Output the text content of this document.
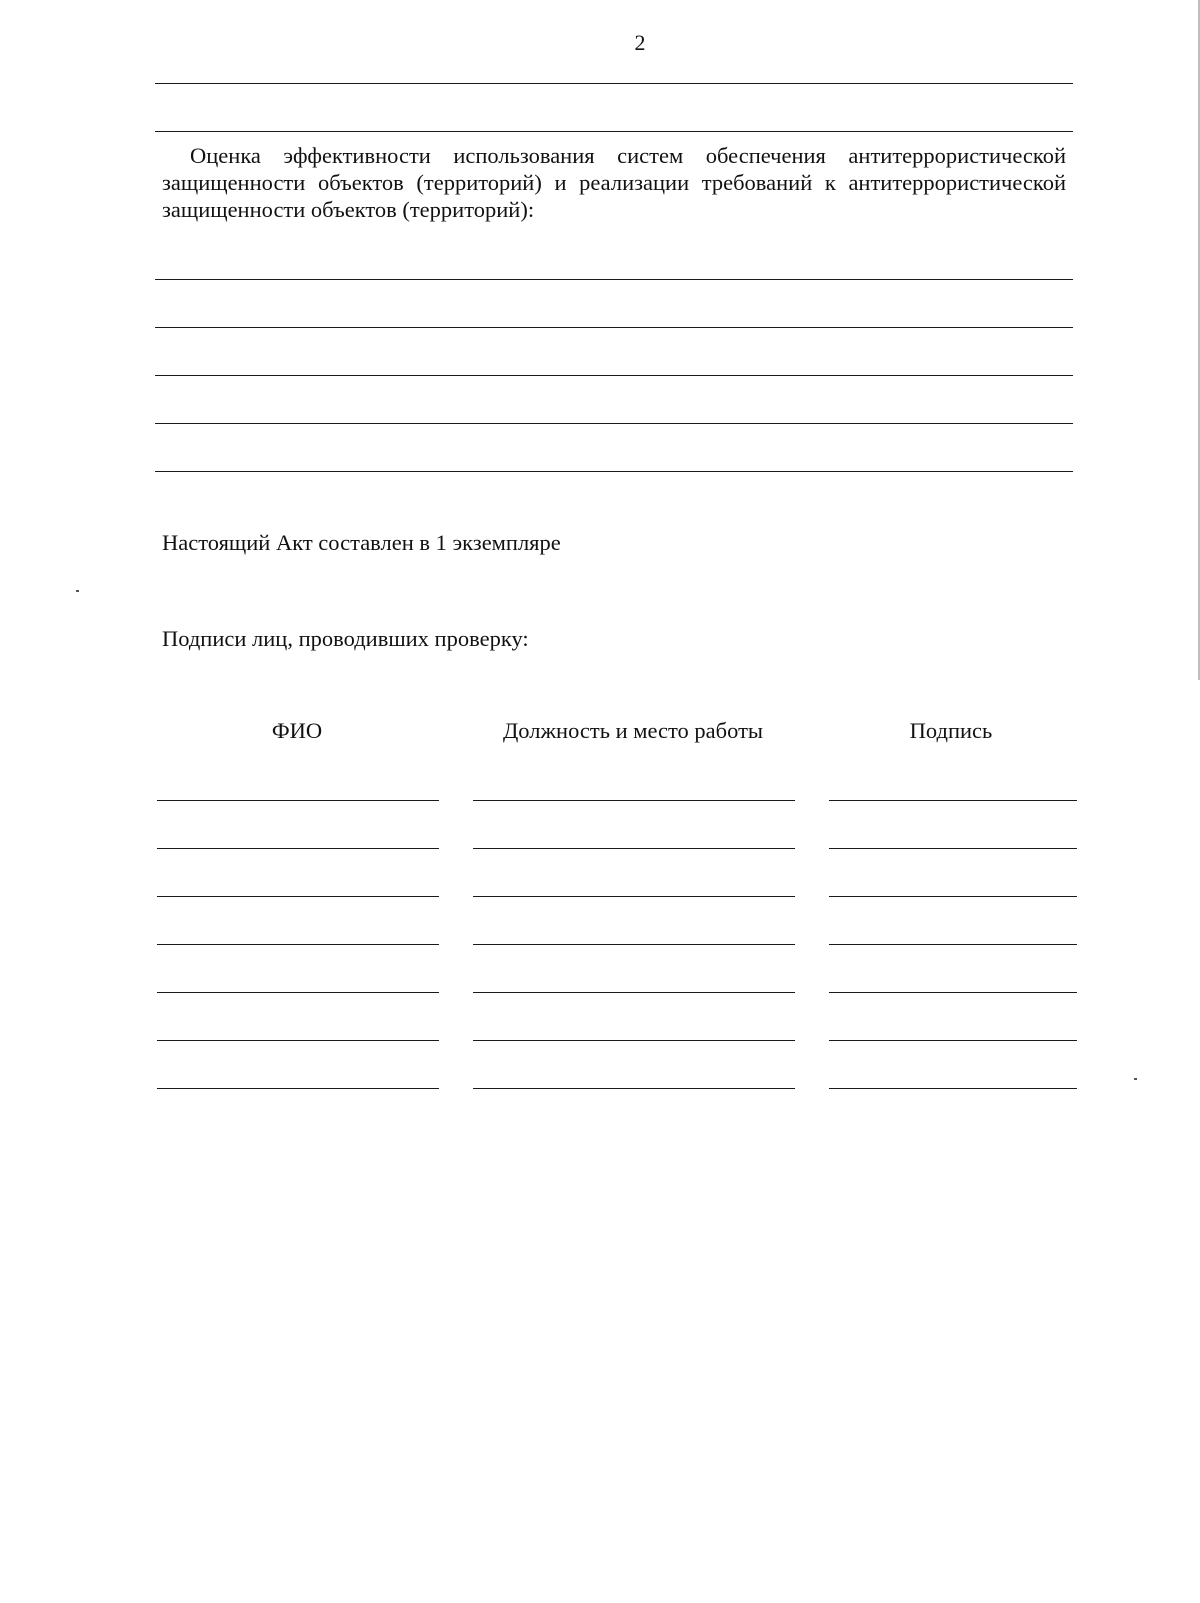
2
Оценка эффективности использования систем обеспечения антитеррористической защищенности объектов (территорий) и реализации требований к антитеррористической защищенности объектов (территорий):
Настоящий Акт составлен в 1 экземпляре
Подписи лиц, проводивших проверку:
ФИО	Должность и место работы	Подпись
